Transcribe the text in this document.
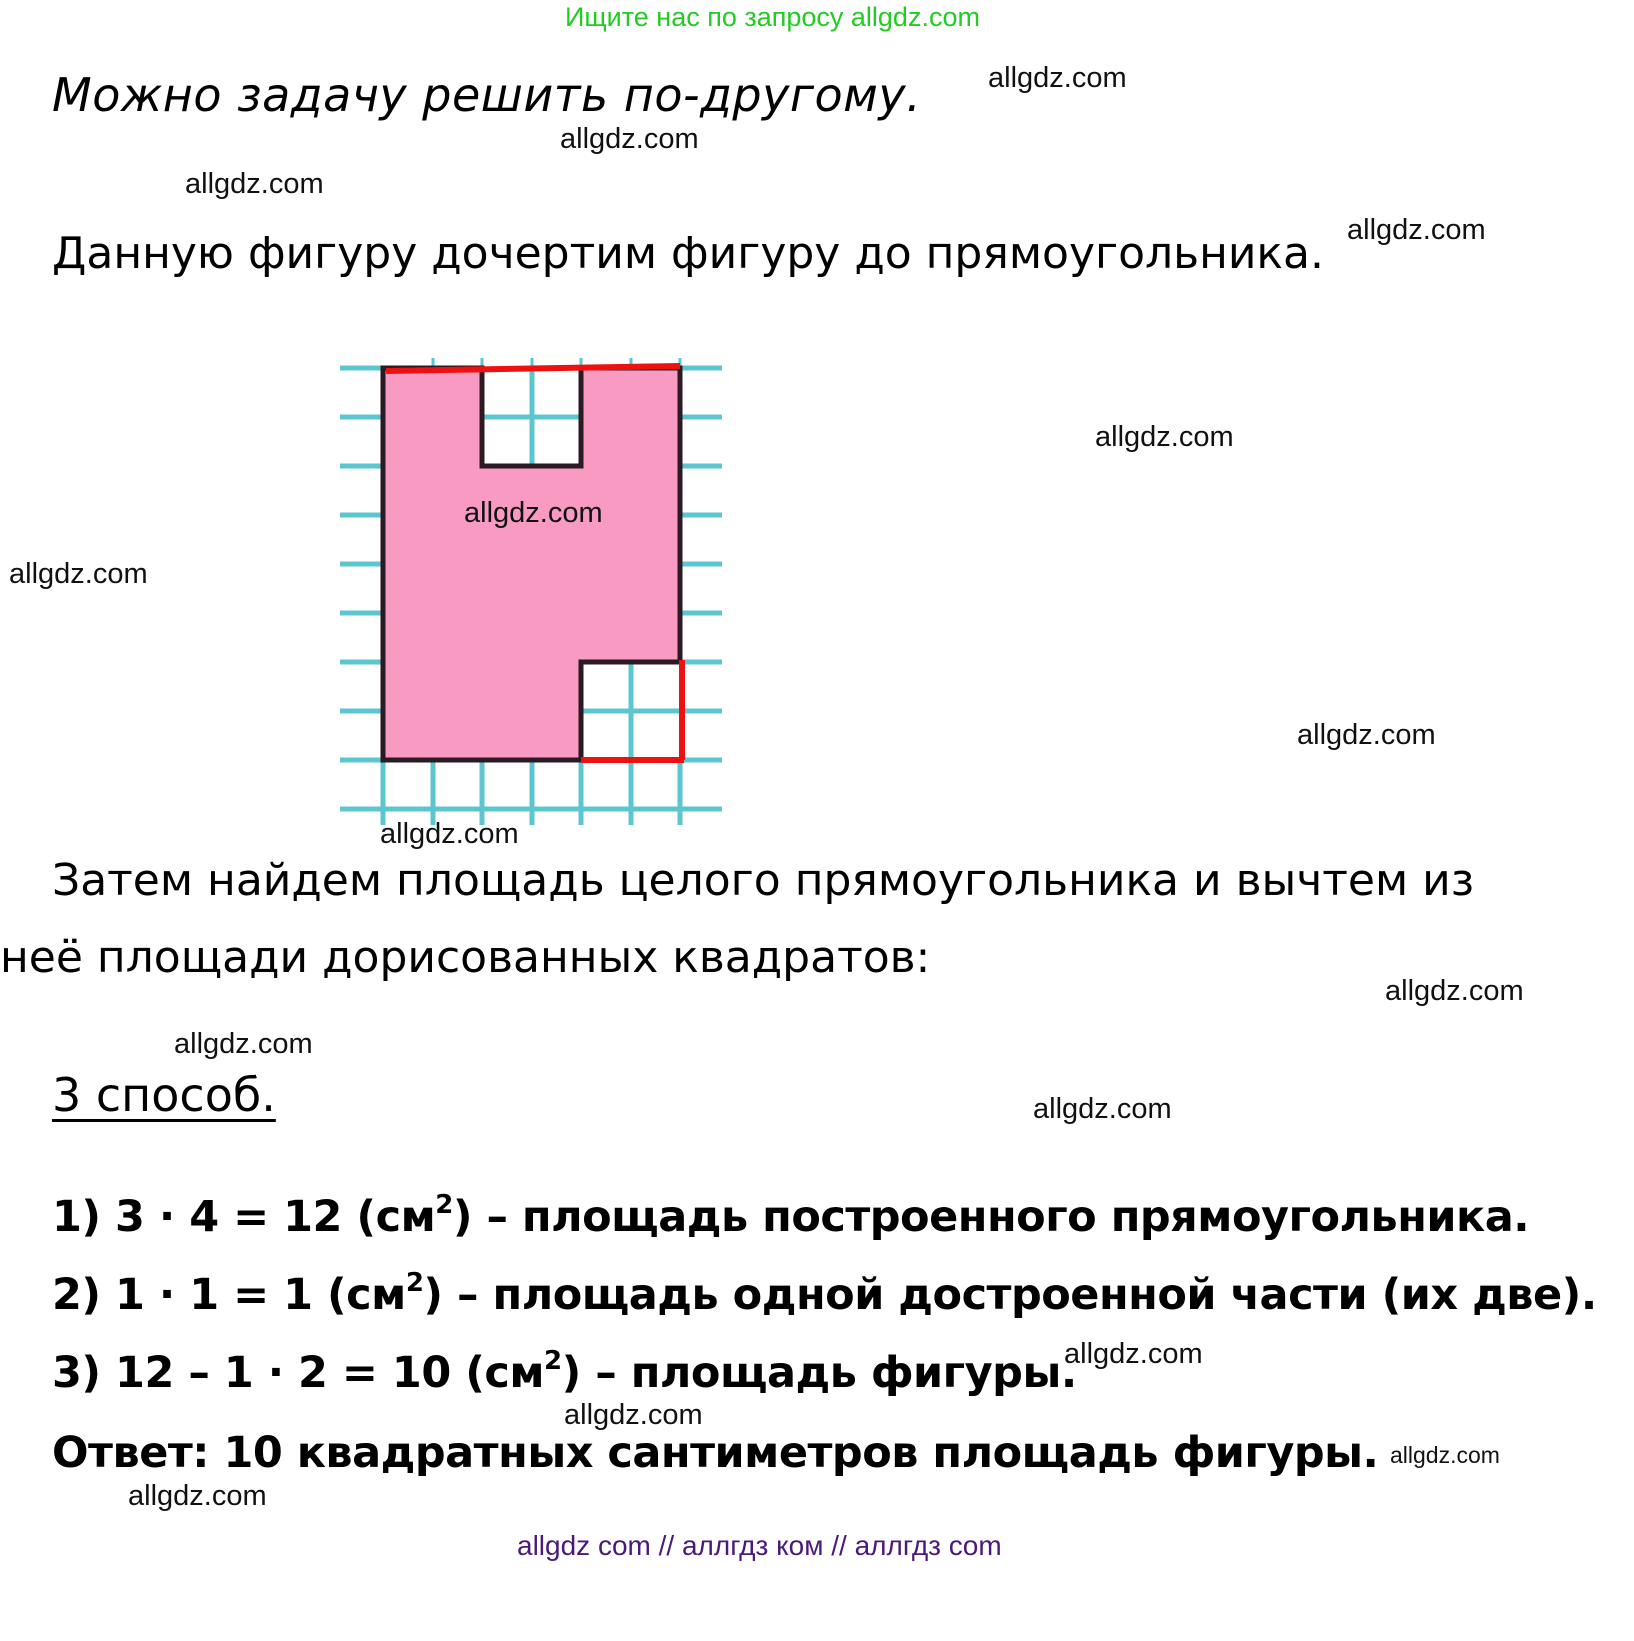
Ищите нас по запросу allgdz.com
Можно задачу решить по-другому.
Данную фигуру дочертим фигуру до прямоугольника.
Затем найдем площадь целого прямоугольника и вычтем из
неё площади дорисованных квадратов:
3 способ.
1) 3 · 4 = 12 $(см^2)$ – площадь построенного прямоугольника.
2) 1 · 1 = 1 $(см^2)$ – площадь одной достроенной части (их две).
3) 12 – 1 · 2 = 10 $(см^2)$ – площадь фигуры.
Ответ: 10 квадратных сантиметров площадь фигуры.
allgdz.com
allgdz.com
allgdz.com
allgdz.com
allgdz.com
allgdz.com
allgdz.com
allgdz.com
allgdz.com
allgdz.com
allgdz.com
allgdz.com
allgdz.com
allgdz.com
allgdz.com
allgdz.com
allgdz com // аллгдз ком // аллгдз com
